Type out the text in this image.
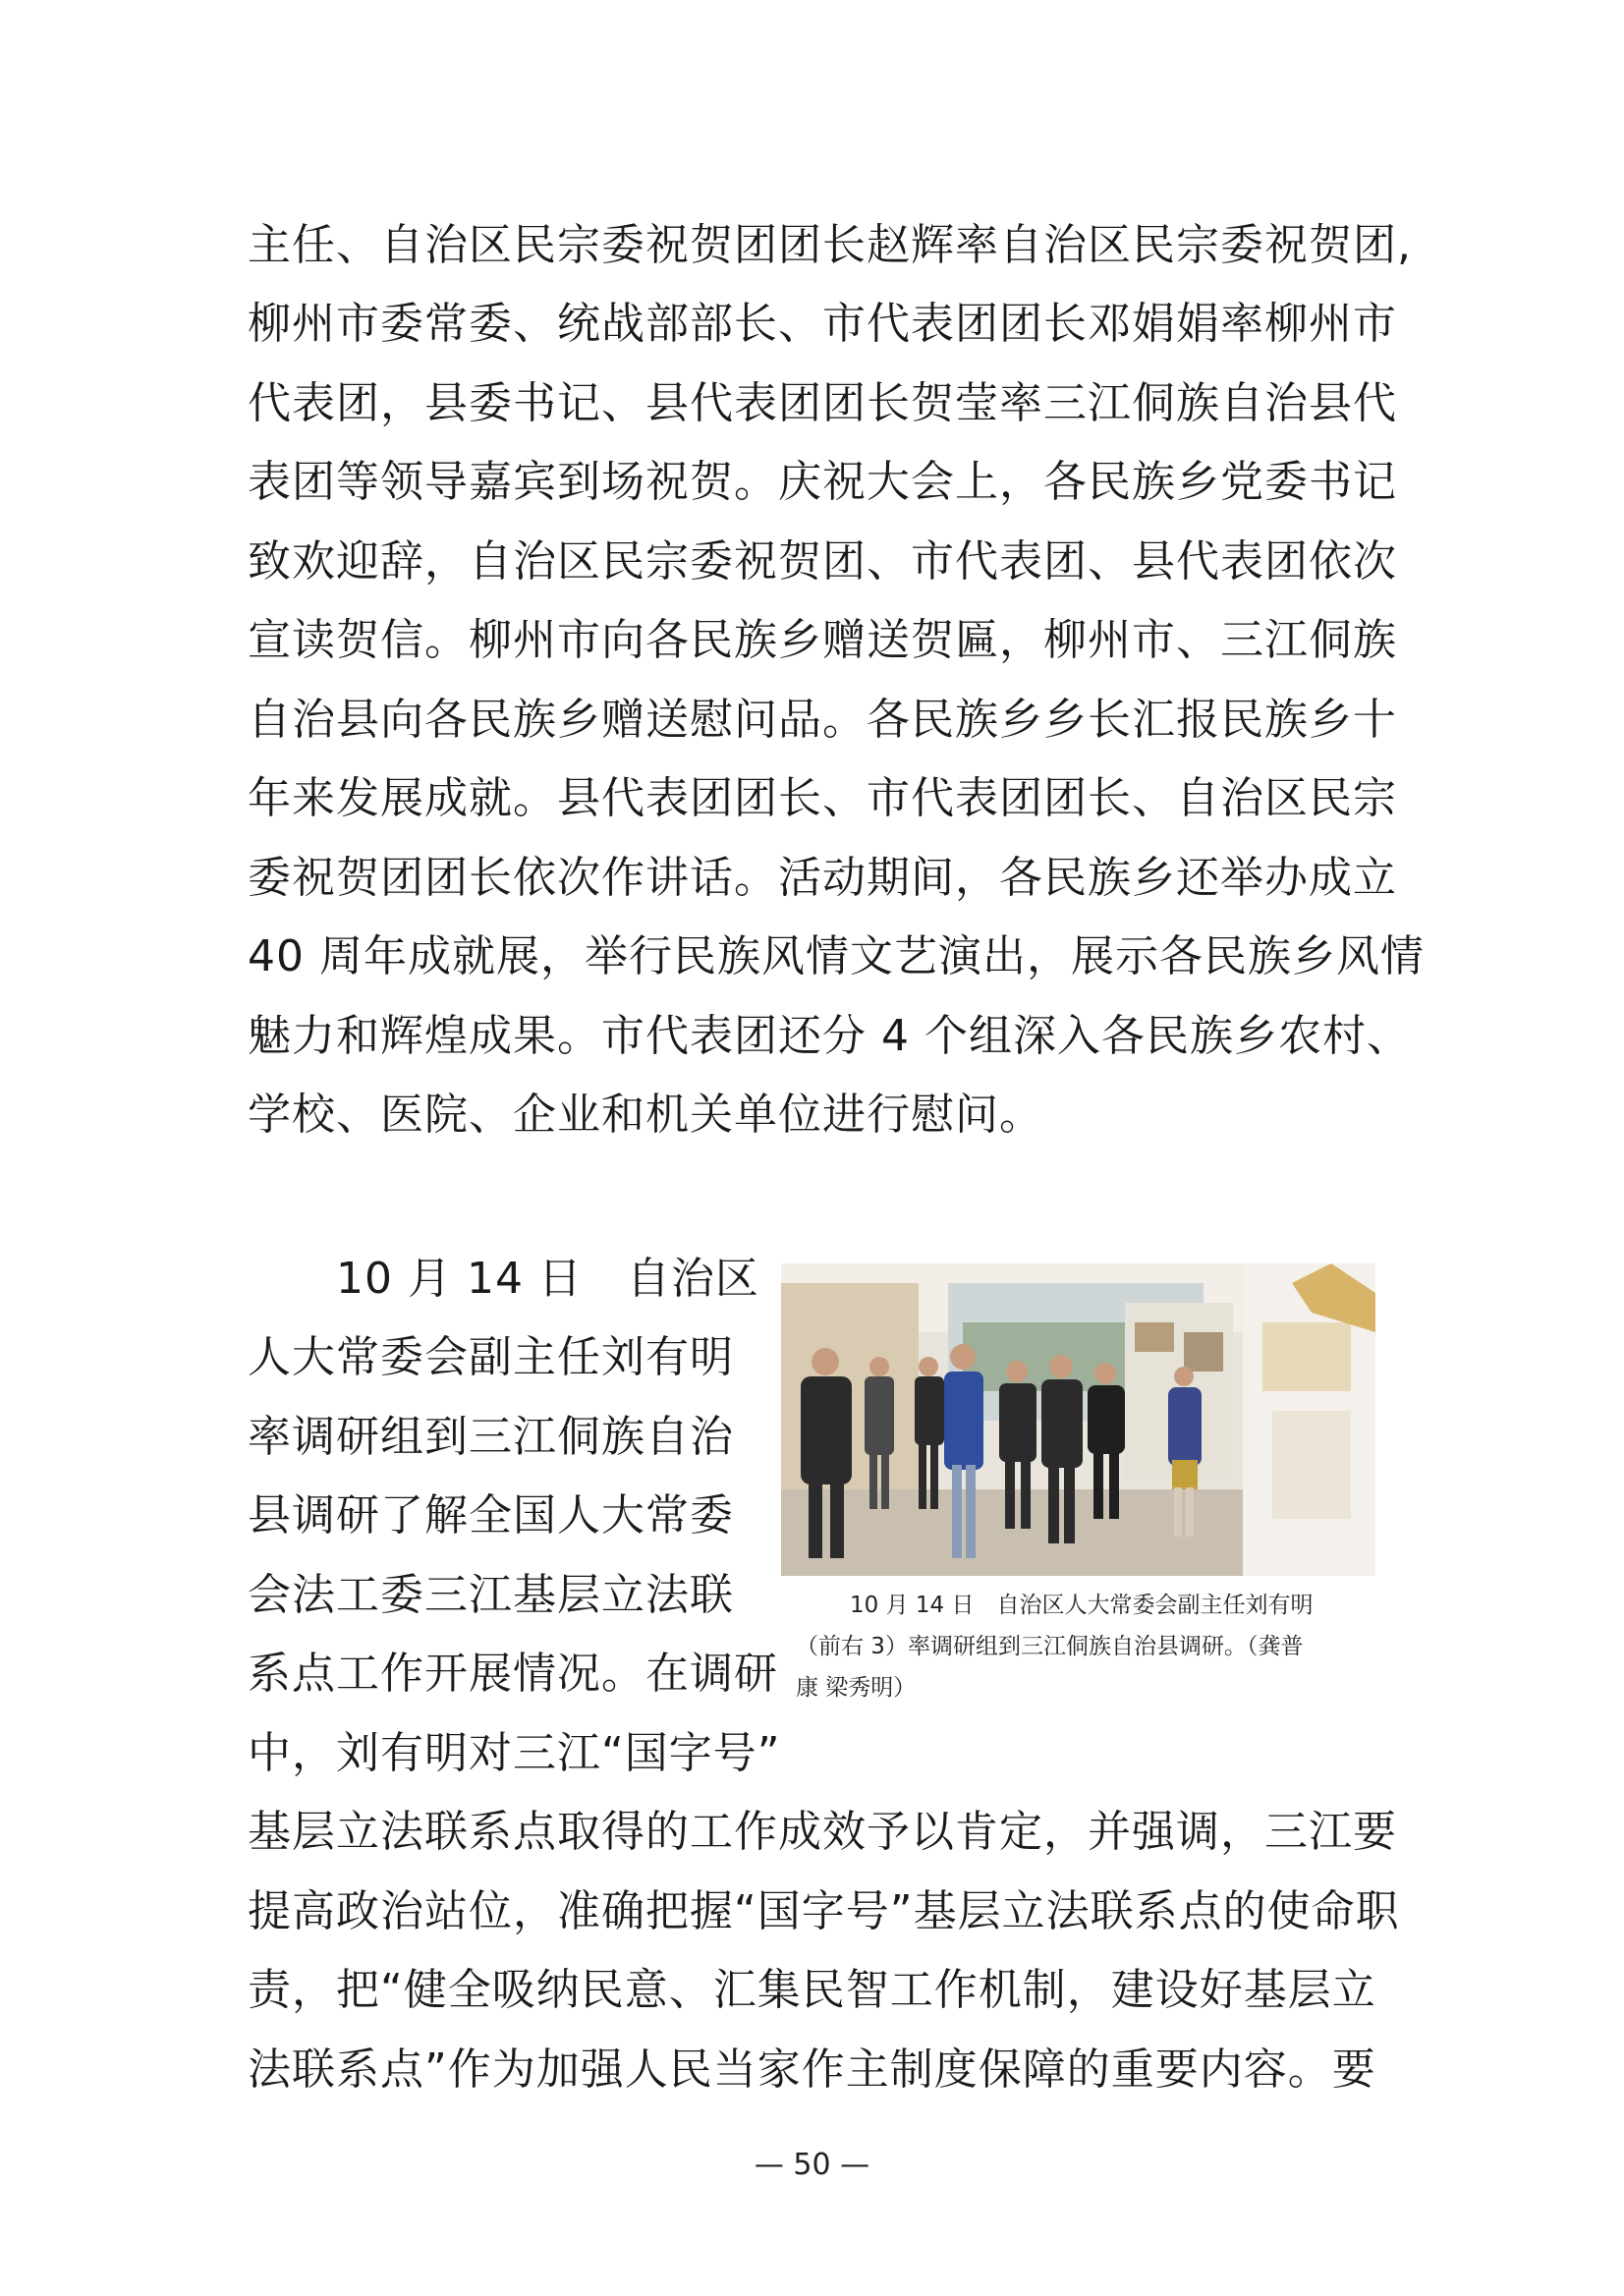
主任、自治区民宗委祝贺团团长赵辉率自治区民宗委祝贺团,
柳州市委常委、统战部部长、市代表团团长邓娟娟率柳州市
代表团，县委书记、县代表团团长贺莹率三江侗族自治县代
表团等领导嘉宾到场祝贺。庆祝大会上，各民族乡党委书记
致欢迎辞，自治区民宗委祝贺团、市代表团、县代表团依次
宣读贺信。柳州市向各民族乡赠送贺匾，柳州市、三江侗族
自治县向各民族乡赠送慰问品。各民族乡乡长汇报民族乡十
年来发展成就。县代表团团长、市代表团团长、自治区民宗
委祝贺团团长依次作讲话。活动期间，各民族乡还举办成立
40 周年成就展，举行民族风情文艺演出，展示各民族乡风情
魅力和辉煌成果。市代表团还分 4 个组深入各民族乡农村、
学校、医院、企业和机关单位进行慰问。
　　10 月 14 日　自治区
人大常委会副主任刘有明
率调研组到三江侗族自治
县调研了解全国人大常委
会法工委三江基层立法联
系点工作开展情况。在调研
中，刘有明对三江“国字号”
10 月 14 日　自治区人大常委会副主任刘有明
（前右 3）率调研组到三江侗族自治县调研。（龚普
康 梁秀明）
基层立法联系点取得的工作成效予以肯定，并强调，三江要
提高政治站位，准确把握“国字号”基层立法联系点的使命职
责，把“健全吸纳民意、汇集民智工作机制，建设好基层立
法联系点”作为加强人民当家作主制度保障的重要内容。要
— 50 —
